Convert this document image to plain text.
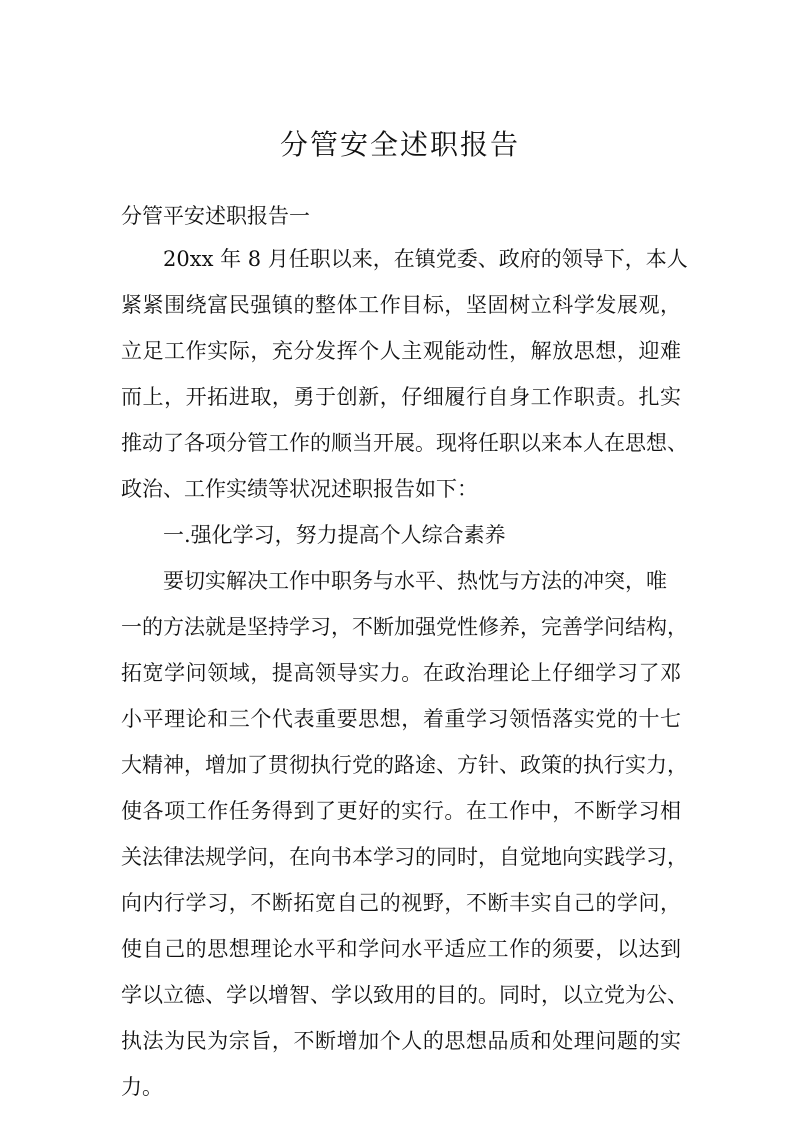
分管安全述职报告
分管平安述职报告一
20xx 年 8 月任职以来，在镇党委、政府的领导下，本人
紧紧围绕富民强镇的整体工作目标，坚固树立科学发展观，
立足工作实际，充分发挥个人主观能动性，解放思想，迎难
而上，开拓进取，勇于创新，仔细履行自身工作职责。扎实
推动了各项分管工作的顺当开展。现将任职以来本人在思想、
政治、工作实绩等状况述职报告如下：
一.强化学习，努力提高个人综合素养
要切实解决工作中职务与水平、热忱与方法的冲突，唯
一的方法就是坚持学习，不断加强党性修养，完善学问结构，
拓宽学问领域，提高领导实力。在政治理论上仔细学习了邓
小平理论和三个代表重要思想，着重学习领悟落实党的十七
大精神，增加了贯彻执行党的路途、方针、政策的执行实力，
使各项工作任务得到了更好的实行。在工作中，不断学习相
关法律法规学问，在向书本学习的同时，自觉地向实践学习，
向内行学习，不断拓宽自己的视野，不断丰实自己的学问，
使自己的思想理论水平和学问水平适应工作的须要，以达到
学以立德、学以增智、学以致用的目的。同时，以立党为公、
执法为民为宗旨，不断增加个人的思想品质和处理问题的实
力。
